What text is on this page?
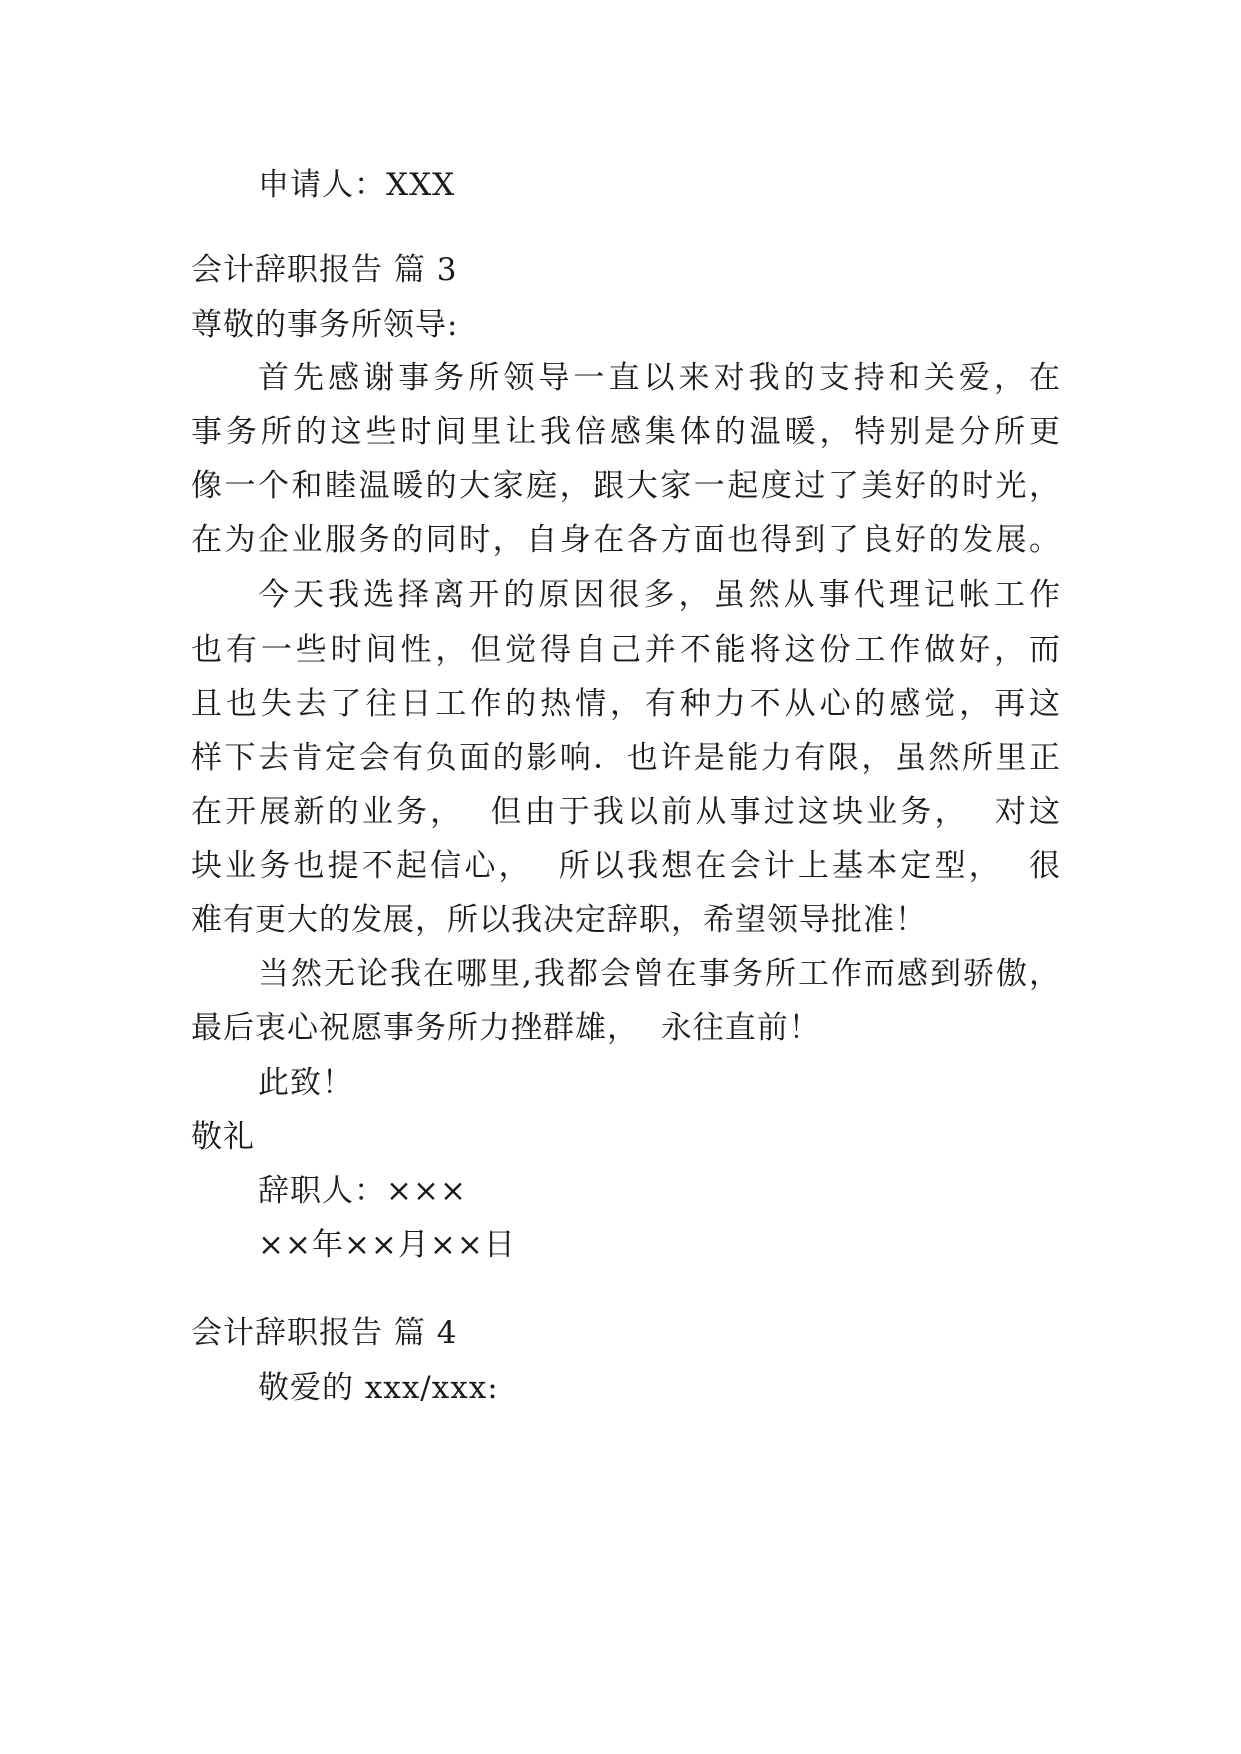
申请人：XXX

会计辞职报告 篇 3

尊敬的事务所领导:

首先感谢事务所领导一直以来对我的支持和关爱，在

事务所的这些时间里让我倍感集体的温暖，特别是分所更

像一个和睦温暖的大家庭，跟大家一起度过了美好的时光，

在为企业服务的同时，自身在各方面也得到了良好的发展。

今天我选择离开的原因很多，虽然从事代理记帐工作

也有一些时间性，但觉得自己并不能将这份工作做好，而

且也失去了往日工作的热情，有种力不从心的感觉，再这

样下去肯定会有负面的影响．也许是能力有限，虽然所里正

在开展新的业务，  但由于我以前从事过这块业务，  对这

块业务也提不起信心，  所以我想在会计上基本定型，  很

难有更大的发展，所以我决定辞职，希望领导批准！

当然无论我在哪里,我都会曾在事务所工作而感到骄傲，

最后衷心祝愿事务所力挫群雄，  永往直前！

此致！

敬礼

辞职人：×××

××年××月××日

会计辞职报告 篇 4

敬爱的 xxx/xxx:
